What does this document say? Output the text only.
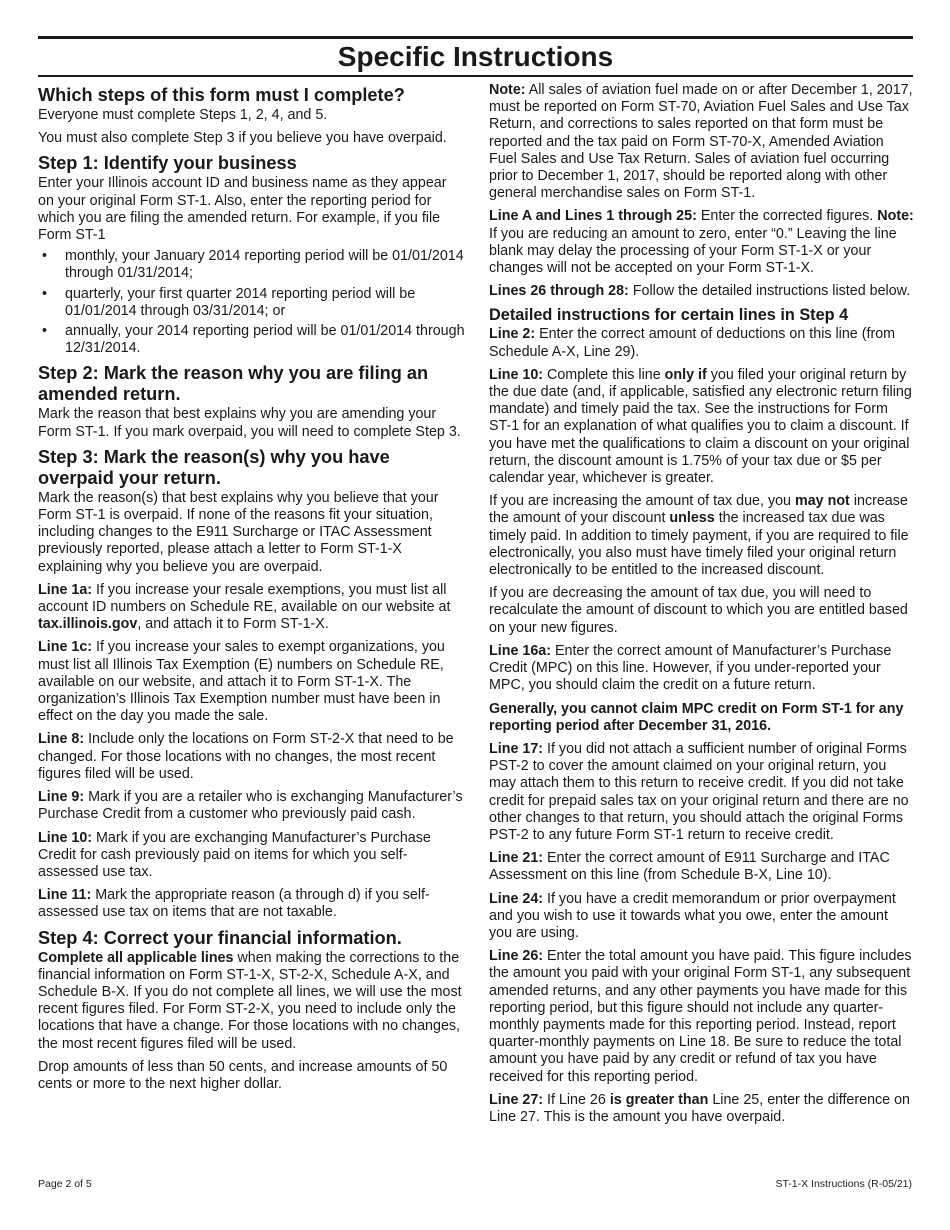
Specific Instructions
Which steps of this form must I complete?

Everyone must complete Steps 1, 2, 4, and 5.

You must also complete Step 3 if you believe you have overpaid.

Step 1: Identify your business

Enter your Illinois account ID and business name as they appear on your original Form ST-1. Also, enter the reporting period for which you are filing the amended return. For example, if you file Form ST-1

• monthly, your January 2014 reporting period will be 01/01/2014 through 01/31/2014;
• quarterly, your first quarter 2014 reporting period will be 01/01/2014 through 03/31/2014; or
• annually, your 2014 reporting period will be 01/01/2014 through 12/31/2014.
Step 2: Mark the reason why you are filing an amended return.

Mark the reason that best explains why you are amending your Form ST-1. If you mark overpaid, you will need to complete Step 3.

Step 3: Mark the reason(s) why you have overpaid your return.

Mark the reason(s) that best explains why you believe that your Form ST-1 is overpaid. If none of the reasons fit your situation, including changes to the E911 Surcharge or ITAC Assessment previously reported, please attach a letter to Form ST-1-X explaining why you believe you are overpaid.

Line 1a: If you increase your resale exemptions, you must list all account ID numbers on Schedule RE, available on our website at tax.illinois.gov, and attach it to Form ST-1-X.

Line 1c: If you increase your sales to exempt organizations, you must list all Illinois Tax Exemption (E) numbers on Schedule RE, available on our website, and attach it to Form ST-1-X. The organization’s Illinois Tax Exemption number must have been in effect on the day you made the sale.

Line 8: Include only the locations on Form ST-2-X that need to be changed. For those locations with no changes, the most recent figures filed will be used.

Line 9: Mark if you are a retailer who is exchanging Manufacturer’s Purchase Credit from a customer who previously paid cash.

Line 10: Mark if you are exchanging Manufacturer’s Purchase Credit for cash previously paid on items for which you self-assessed use tax.

Line 11: Mark the appropriate reason (a through d) if you self-assessed use tax on items that are not taxable.

Step 4: Correct your financial information.

Complete all applicable lines when making the corrections to the financial information on Form ST-1-X, ST-2-X, Schedule A-X, and Schedule B-X. If you do not complete all lines, we will use the most recent figures filed. For Form ST-2-X, you need to include only the locations that have a change. For those locations with no changes, the most recent figures filed will be used.

Drop amounts of less than 50 cents, and increase amounts of 50 cents or more to the next higher dollar.

Note: All sales of aviation fuel made on or after December 1, 2017, must be reported on Form ST-70, Aviation Fuel Sales and Use Tax Return, and corrections to sales reported on that form must be reported and the tax paid on Form ST-70-X, Amended Aviation Fuel Sales and Use Tax Return. Sales of aviation fuel occurring prior to December 1, 2017, should be reported along with other general merchandise sales on Form ST-1.

Line A and Lines 1 through 25: Enter the corrected figures. Note: If you are reducing an amount to zero, enter “0.” Leaving the line blank may delay the processing of your Form ST-1-X or your changes will not be accepted on your Form ST-1-X.

Lines 26 through 28: Follow the detailed instructions listed below.

Detailed instructions for certain lines in Step 4

Line 2: Enter the correct amount of deductions on this line (from Schedule A-X, Line 29).

Line 10: Complete this line only if you filed your original return by the due date (and, if applicable, satisfied any electronic return filing mandate) and timely paid the tax. See the instructions for Form ST-1 for an explanation of what qualifies you to claim a discount. If you have met the qualifications to claim a discount on your original return, the discount amount is 1.75% of your tax due or $5 per calendar year, whichever is greater.

If you are increasing the amount of tax due, you may not increase the amount of your discount unless the increased tax due was timely paid. In addition to timely payment, if you are required to file electronically, you also must have timely filed your original return electronically to be entitled to the increased discount.

If you are decreasing the amount of tax due, you will need to recalculate the amount of discount to which you are entitled based on your new figures.

Line 16a: Enter the correct amount of Manufacturer’s Purchase Credit (MPC) on this line. However, if you under-reported your MPC, you should claim the credit on a future return.

Generally, you cannot claim MPC credit on Form ST-1 for any reporting period after December 31, 2016.

Line 17: If you did not attach a sufficient number of original Forms PST-2 to cover the amount claimed on your original return, you may attach them to this return to receive credit. If you did not take credit for prepaid sales tax on your original return and there are no other changes to that return, you should attach the original Forms PST-2 to any future Form ST-1 return to receive credit.

Line 21: Enter the correct amount of E911 Surcharge and ITAC Assessment on this line (from Schedule B-X, Line 10).

Line 24: If you have a credit memorandum or prior overpayment and you wish to use it towards what you owe, enter the amount you are using.

Line 26: Enter the total amount you have paid. This figure includes the amount you paid with your original Form ST-1, any subsequent amended returns, and any other payments you have made for this reporting period, but this figure should not include any quarter-monthly payments made for this reporting period. Instead, report quarter-monthly payments on Line 18. Be sure to reduce the total amount you have paid by any credit or refund of tax you have received for this reporting period.

Line 27: If Line 26 is greater than Line 25, enter the difference on Line 27. This is the amount you have overpaid.

Page 2 of 5	ST-1-X Instructions (R-05/21)
